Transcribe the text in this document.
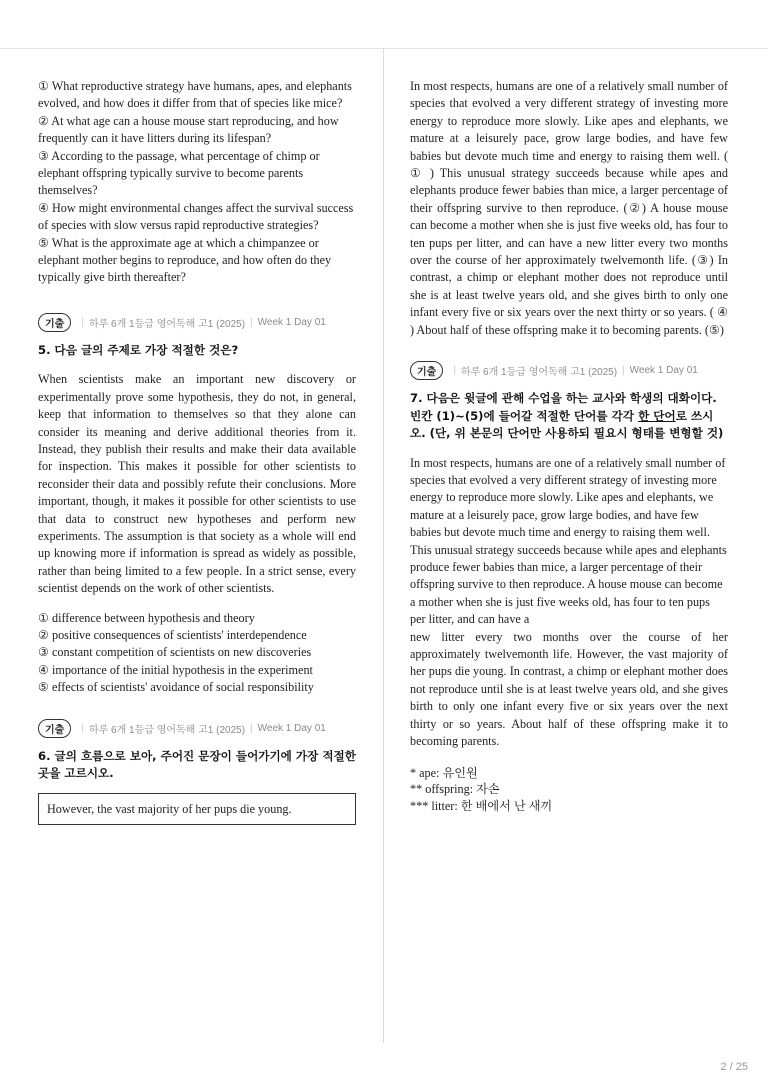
① What reproductive strategy have humans, apes, and elephants evolved, and how does it differ from that of species like mice?

② At what age can a house mouse start reproducing, and how frequently can it have litters during its lifespan?

③ According to the passage, what percentage of chimp or elephant offspring typically survive to become parents themselves?

④ How might environmental changes affect the survival success of species with slow versus rapid reproductive strategies?

⑤ What is the approximate age at which a chimpanzee or elephant mother begins to reproduce, and how often do they typically give birth thereafter?

기출	| 하루 6개 1등급 영어독해 고1 (2025) | Week 1 Day 01

5. 다음 글의 주제로 가장 적절한 것은?

When scientists make an important new discovery or experimentally prove some hypothesis, they do not, in general, keep that information to themselves so that they alone can consider its meaning and derive additional theories from it. Instead, they publish their results and make their data available for inspection. This makes it possible for other scientists to reconsider their data and possibly refute their conclusions. More important, though, it makes it possible for other scientists to use that data to construct new hypotheses and perform new experiments. The assumption is that society as a whole will end up knowing more if information is spread as widely as possible, rather than being limited to a few people. In a strict sense, every scientist depends on the work of other scientists.

① difference between hypothesis and theory

② positive consequences of scientists' interdependence

③ constant competition of scientists on new discoveries

④ importance of the initial hypothesis in the experiment

⑤ effects of scientists' avoidance of social responsibility

기출	| 하루 6개 1등급 영어독해 고1 (2025) | Week 1 Day 01

6. 글의 흐름으로 보아, 주어진 문장이 들어가기에 가장 적절한 곳을 고르시오.

However, the vast majority of her pups die young.

In most respects, humans are one of a relatively small number of species that evolved a very different strategy of investing more energy to reproduce more slowly. Like apes and elephants, we mature at a leisurely pace, grow large bodies, and have few babies but devote much time and energy to raising them well. ( ① ) This unusual strategy succeeds because while apes and elephants produce fewer babies than mice, a larger percentage of their offspring survive to then reproduce. (②) A house mouse can become a mother when she is just five weeks old, has four to ten pups per litter, and can have a new litter every two months over the course of her approximately twelvemonth life. (③) In contrast, a chimp or elephant mother does not reproduce until she is at least twelve years old, and she gives birth to only one infant every five or six years over the next thirty or so years. ( ④ ) About half of these offspring make it to becoming parents. (⑤)

기출	| 하루 6개 1등급 영어독해 고1 (2025) | Week 1 Day 01

7. 다음은 윗글에 관해 수업을 하는 교사와 학생의 대화이다. 빈칸 (1)~(5)에 들어갈 적절한 단어를 각각 한 단어로 쓰시오. (단, 위 본문의 단어만 사용하되 필요시 형태를 변형할 것)

In most respects, humans are one of a relatively small number of species that evolved a very different strategy of investing more energy to reproduce more slowly. Like apes and elephants, we mature at a leisurely pace, grow large bodies, and have few babies but devote much time and energy to raising them well. This unusual strategy succeeds because while apes and elephants produce fewer babies than mice, a larger percentage of their offspring survive to then reproduce. A house mouse can become a mother when she is just five weeks old, has four to ten pups per litter, and can have a

new litter every two months over the course of her approximately twelvemonth life. However, the vast majority of her pups die young. In contrast, a chimp or elephant mother does not reproduce until she is at least twelve years old, and she gives birth to only one infant every five or six years over the next thirty or so years. About half of these offspring make it to becoming parents.

* ape: 유인원

** offspring: 자손

*** litter: 한 배에서 난 새끼

2 / 25
